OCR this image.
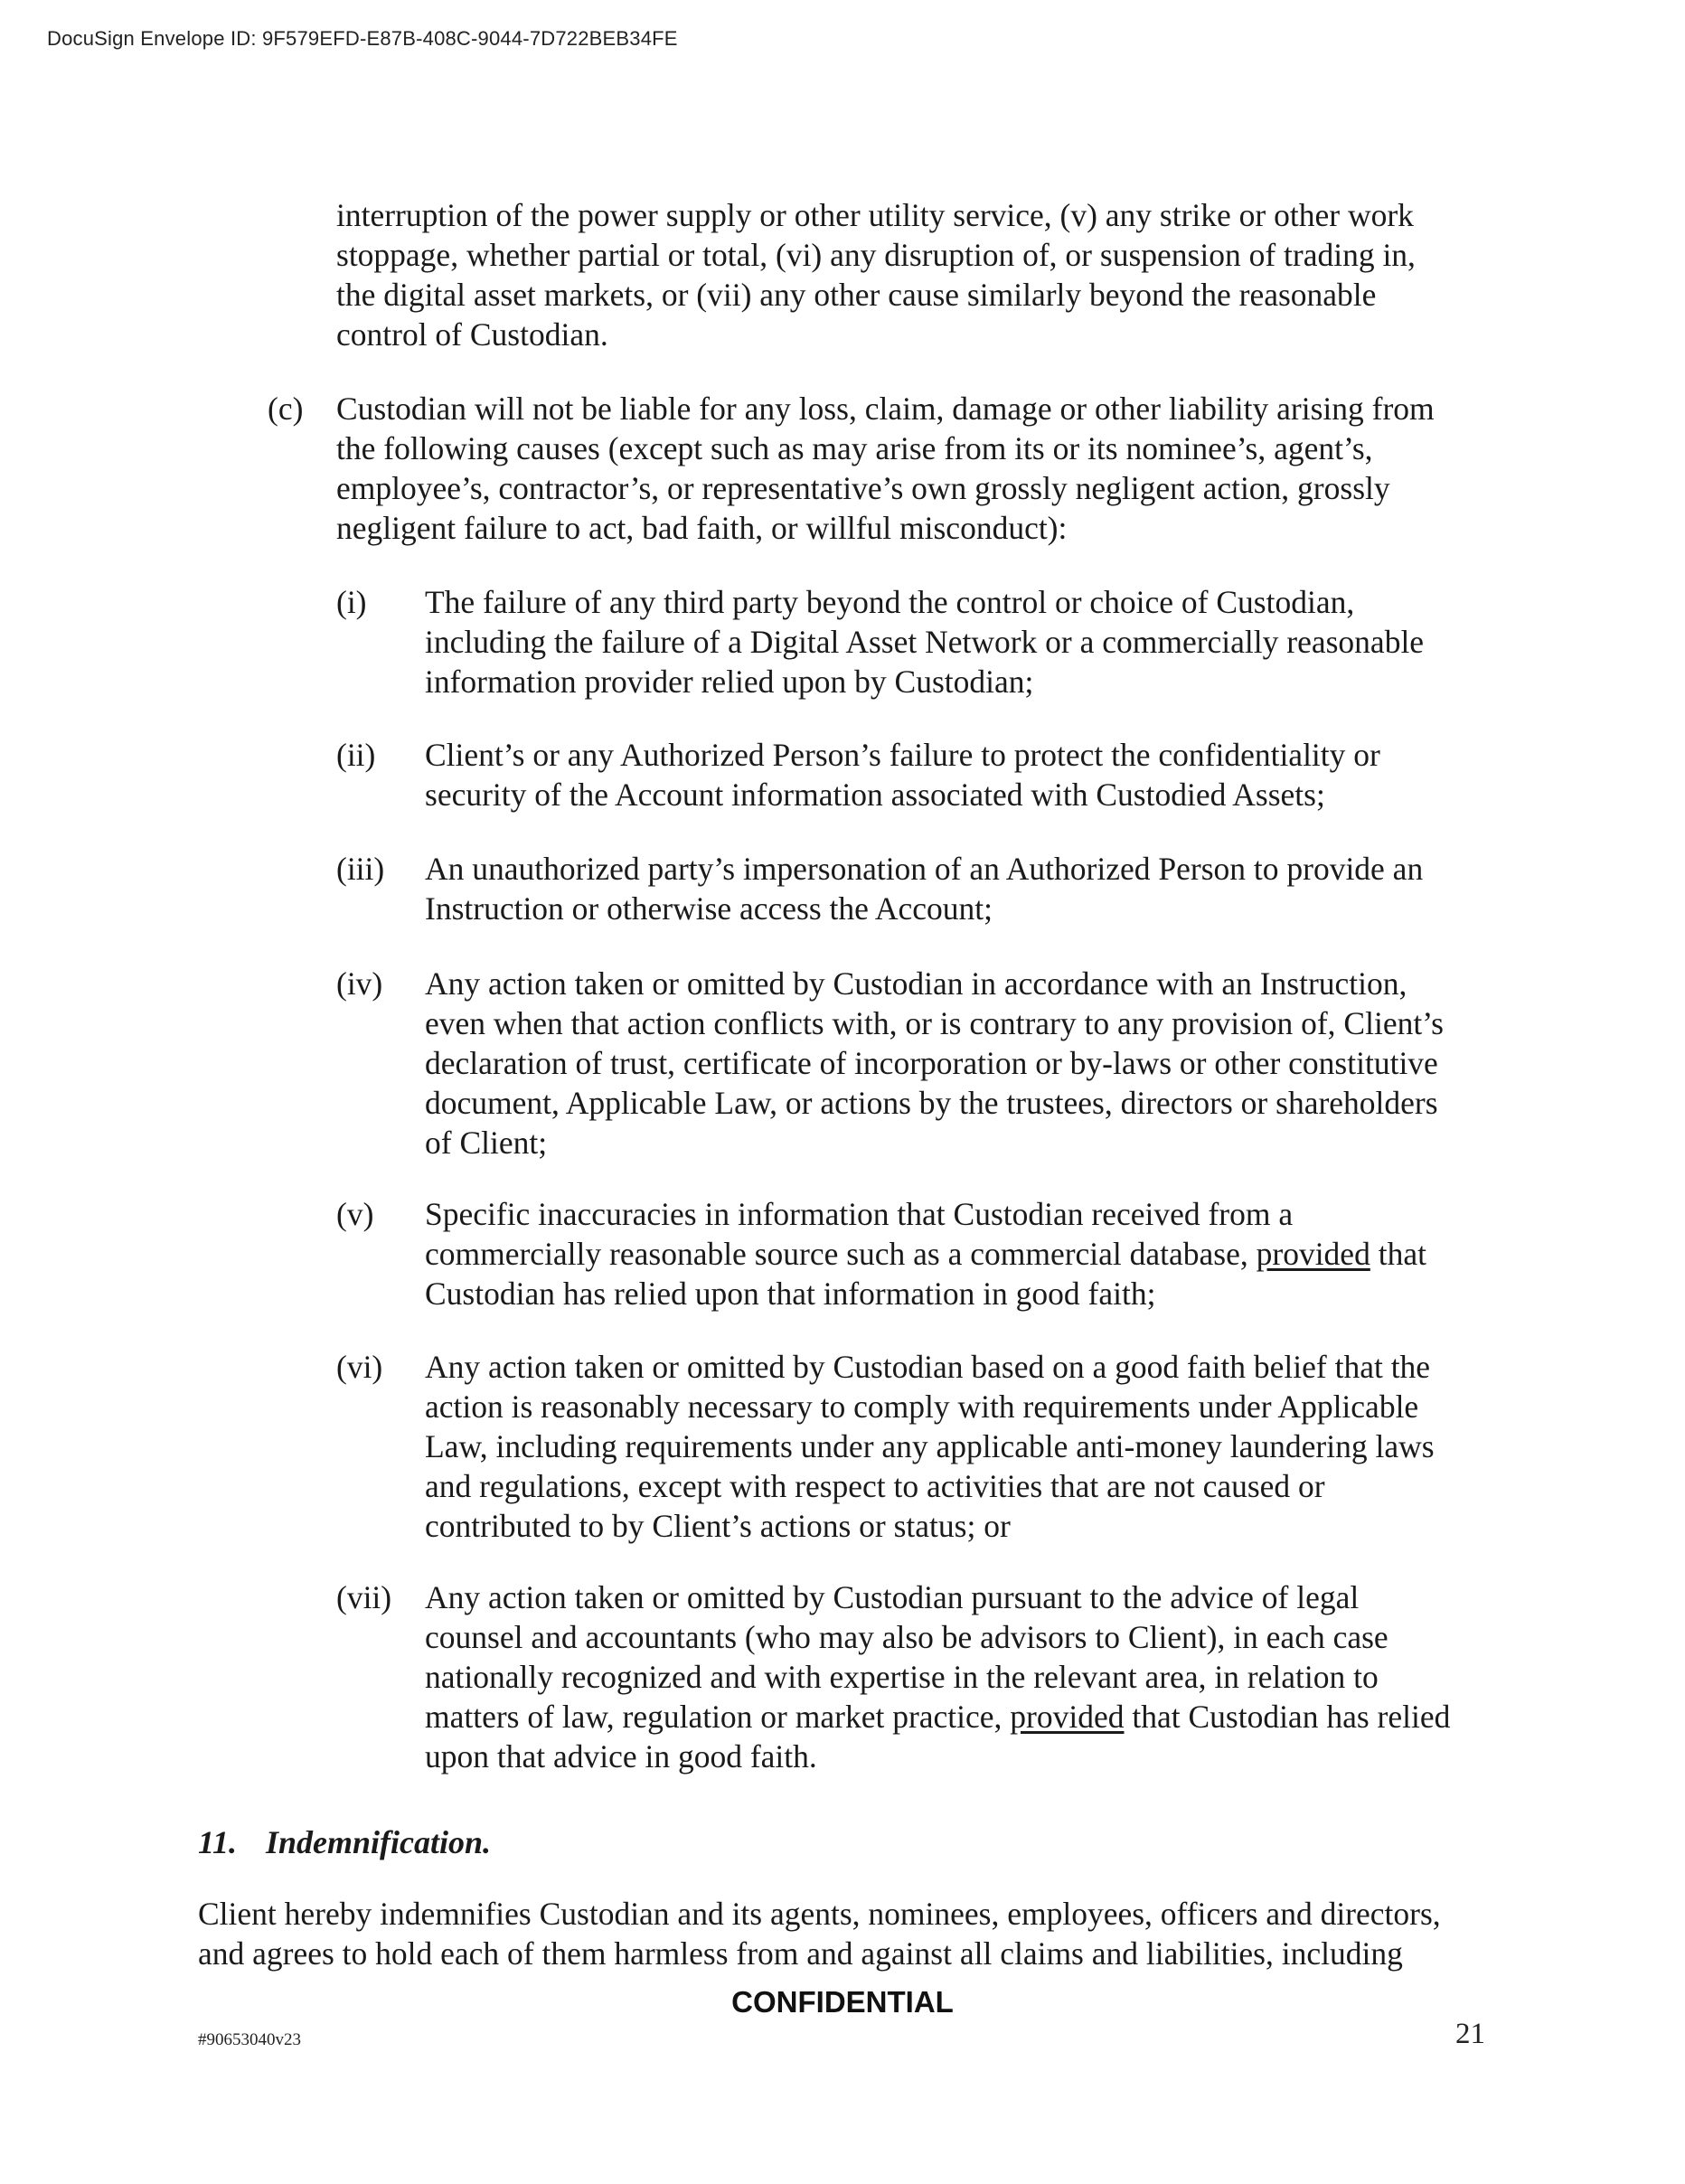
DocuSign Envelope ID: 9F579EFD-E87B-408C-9044-7D722BEB34FE
interruption of the power supply or other utility service, (v) any strike or other work
stoppage, whether partial or total, (vi) any disruption of, or suspension of trading in,
the digital asset markets, or (vii) any other cause similarly beyond the reasonable
control of Custodian.
(c) Custodian will not be liable for any loss, claim, damage or other liability arising from
the following causes (except such as may arise from its or its nominee’s, agent’s,
employee’s, contractor’s, or representative’s own grossly negligent action, grossly
negligent failure to act, bad faith, or willful misconduct):
(i) The failure of any third party beyond the control or choice of Custodian,
including the failure of a Digital Asset Network or a commercially reasonable
information provider relied upon by Custodian;
(ii) Client’s or any Authorized Person’s failure to protect the confidentiality or
security of the Account information associated with Custodied Assets;
(iii) An unauthorized party’s impersonation of an Authorized Person to provide an
Instruction or otherwise access the Account;
(iv) Any action taken or omitted by Custodian in accordance with an Instruction,
even when that action conflicts with, or is contrary to any provision of, Client’s
declaration of trust, certificate of incorporation or by-laws or other constitutive
document, Applicable Law, or actions by the trustees, directors or shareholders
of Client;
(v) Specific inaccuracies in information that Custodian received from a
commercially reasonable source such as a commercial database, provided that
Custodian has relied upon that information in good faith;
(vi) Any action taken or omitted by Custodian based on a good faith belief that the
action is reasonably necessary to comply with requirements under Applicable
Law, including requirements under any applicable anti-money laundering laws
and regulations, except with respect to activities that are not caused or
contributed to by Client’s actions or status; or
(vii) Any action taken or omitted by Custodian pursuant to the advice of legal
counsel and accountants (who may also be advisors to Client), in each case
nationally recognized and with expertise in the relevant area, in relation to
matters of law, regulation or market practice, provided that Custodian has relied
upon that advice in good faith.
11. Indemnification.
Client hereby indemnifies Custodian and its agents, nominees, employees, officers and directors,
and agrees to hold each of them harmless from and against all claims and liabilities, including
CONFIDENTIAL
#90653040v23	21
